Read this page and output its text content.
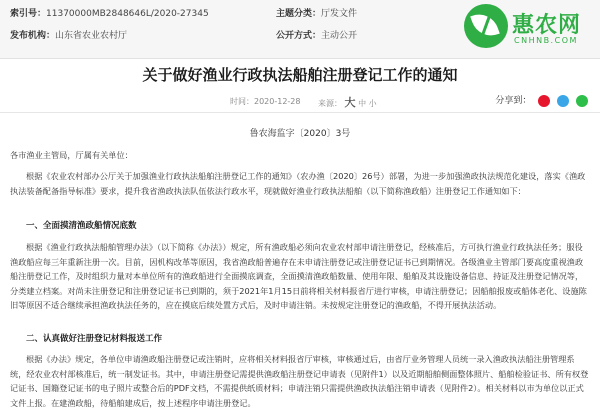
索引号：11370000MB2848646L/2020-27345	主题分类：厅发文件
发布机构：山东省农业农村厅	公开方式：主动公开	惠农网
CNHNB.COM
关于做好渔业行政执法船舶注册登记工作的通知
时间：2020-12-28 来源： 大 中 小	分享到：
鲁农海监字〔2020〕3号
各市渔业主管局，厅属有关单位：
根据《农业农村部办公厅关于加强渔业行政执法船舶注册登记工作的通知》（农办渔〔2020〕26号）部署，为进一步加强渔政执法规范化建设，落实《渔政执法装备配备指导标准》要求，提升我省渔政执法队伍依法行政水平，现就做好渔业行政执法船舶（以下简称渔政船）注册登记工作通知如下：
一、全面摸清渔政船情况底数
根据《渔业行政执法船舶管理办法》（以下简称《办法》）规定，所有渔政船必须向农业农村部申请注册登记，经核准后，方可执行渔业行政执法任务；服役渔政船应每三年重新注册一次。目前，因机构改革等原因，我省渔政船普遍存在未申请注册登记或注册登记证书已到期情况。各级渔业主管部门要高度重视渔政船注册登记工作，及时组织力量对本单位所有的渔政船进行全面摸底调查，全面摸清渔政船数量、使用年限、船舶及其设施设备信息、持证及注册登记情况等，分类建立档案。对尚未注册登记和注册登记证书已到期的，须于2021年1月15日前将相关材料报省厅进行审核，申请注册登记；因船舶报废或船体老化、设施陈旧等原因不适合继续承担渔政执法任务的，应在摸底后续处置方式后，及时申请注销。未按规定注册登记的渔政船，不得开展执法活动。
二、认真做好注册登记材料报送工作
根据《办法》规定，各单位申请渔政船注册登记或注销时，应将相关材料报省厅审核，审核通过后，由省厅业务管理人员统一录入渔政执法船注册管理系统，经农业农村部核准后，统一制发证书。其中，申请注册登记需提供渔政船注册登记申请表（见附件1）以及近期船舶侧面整体照片、船舶检验证书、所有权登记证书、国籍登记证书的电子照片或整合后的PDF文档，不需提供纸质材料；申请注销只需提供渔政执法船注销申请表（见附件2）。相关材料以市为单位以正式文件上报。在建渔政船，待船舶建成后，按上述程序申请注册登记。
